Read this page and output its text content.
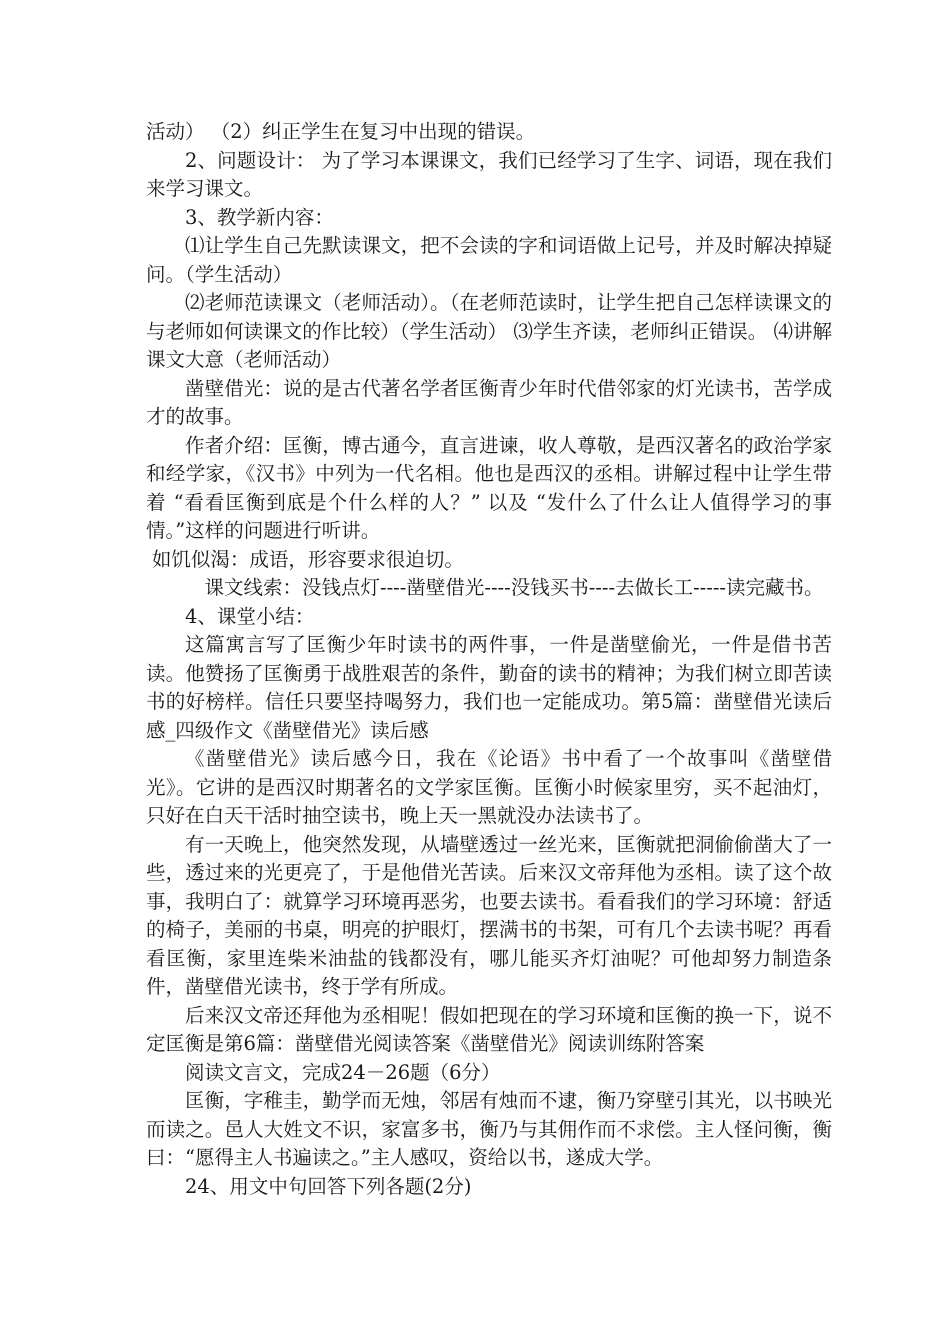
活动） （2）纠正学生在复习中出现的错误。

2、问题设计： 为了学习本课课文，我们已经学习了生字、词语，现在我们来学习课文。

3、教学新内容：

⑴让学生自己先默读课文，把不会读的字和词语做上记号，并及时解决掉疑问。（学生活动）

⑵老师范读课文（老师活动）。（在老师范读时，让学生把自己怎样读课文的与老师如何读课文的作比较）（学生活动） ⑶学生齐读，老师纠正错误。 ⑷讲解课文大意（老师活动）

凿壁借光：说的是古代著名学者匡衡青少年时代借邻家的灯光读书，苦学成才的故事。

作者介绍：匡衡，博古通今，直言进谏，收人尊敬，是西汉著名的政治学家和经学家，《汉书》中列为一代名相。他也是西汉的丞相。讲解过程中让学生带着 “看看匡衡到底是个什么样的人？” 以及 “发什么了什么让人值得学习的事情。”这样的问题进行听讲。

如饥似渴：成语，形容要求很迫切。

课文线索：没钱点灯----凿壁借光----没钱买书----去做长工-----读完藏书。

4、课堂小结：

这篇寓言写了匡衡少年时读书的两件事，一件是凿壁偷光，一件是借书苦读。他赞扬了匡衡勇于战胜艰苦的条件，勤奋的读书的精神；为我们树立即苦读书的好榜样。信任只要坚持喝努力，我们也一定能成功。第5篇：凿壁借光读后感_四级作文《凿壁借光》读后感

《凿壁借光》读后感今日，我在《论语》书中看了一个故事叫《凿壁借光》。它讲的是西汉时期著名的文学家匡衡。匡衡小时候家里穷，买不起油灯，只好在白天干活时抽空读书，晚上天一黑就没办法读书了。

有一天晚上，他突然发现，从墙壁透过一丝光来，匡衡就把洞偷偷凿大了一些，透过来的光更亮了，于是他借光苦读。后来汉文帝拜他为丞相。读了这个故事，我明白了：就算学习环境再恶劣，也要去读书。看看我们的学习环境：舒适的椅子，美丽的书桌，明亮的护眼灯，摆满书的书架，可有几个去读书呢？再看看匡衡，家里连柴米油盐的钱都没有，哪儿能买齐灯油呢？可他却努力制造条件，凿壁借光读书，终于学有所成。

后来汉文帝还拜他为丞相呢！假如把现在的学习环境和匡衡的换一下，说不定匡衡是第6篇：凿壁借光阅读答案《凿壁借光》阅读训练附答案

阅读文言文，完成24－26题（6分）

匡衡，字稚圭，勤学而无烛，邻居有烛而不逮，衡乃穿壁引其光，以书映光而读之。邑人大姓文不识，家富多书，衡乃与其佣作而不求偿。主人怪问衡，衡曰：“愿得主人书遍读之。”主人感叹，资给以书，遂成大学。

24、用文中句回答下列各题(2分)
